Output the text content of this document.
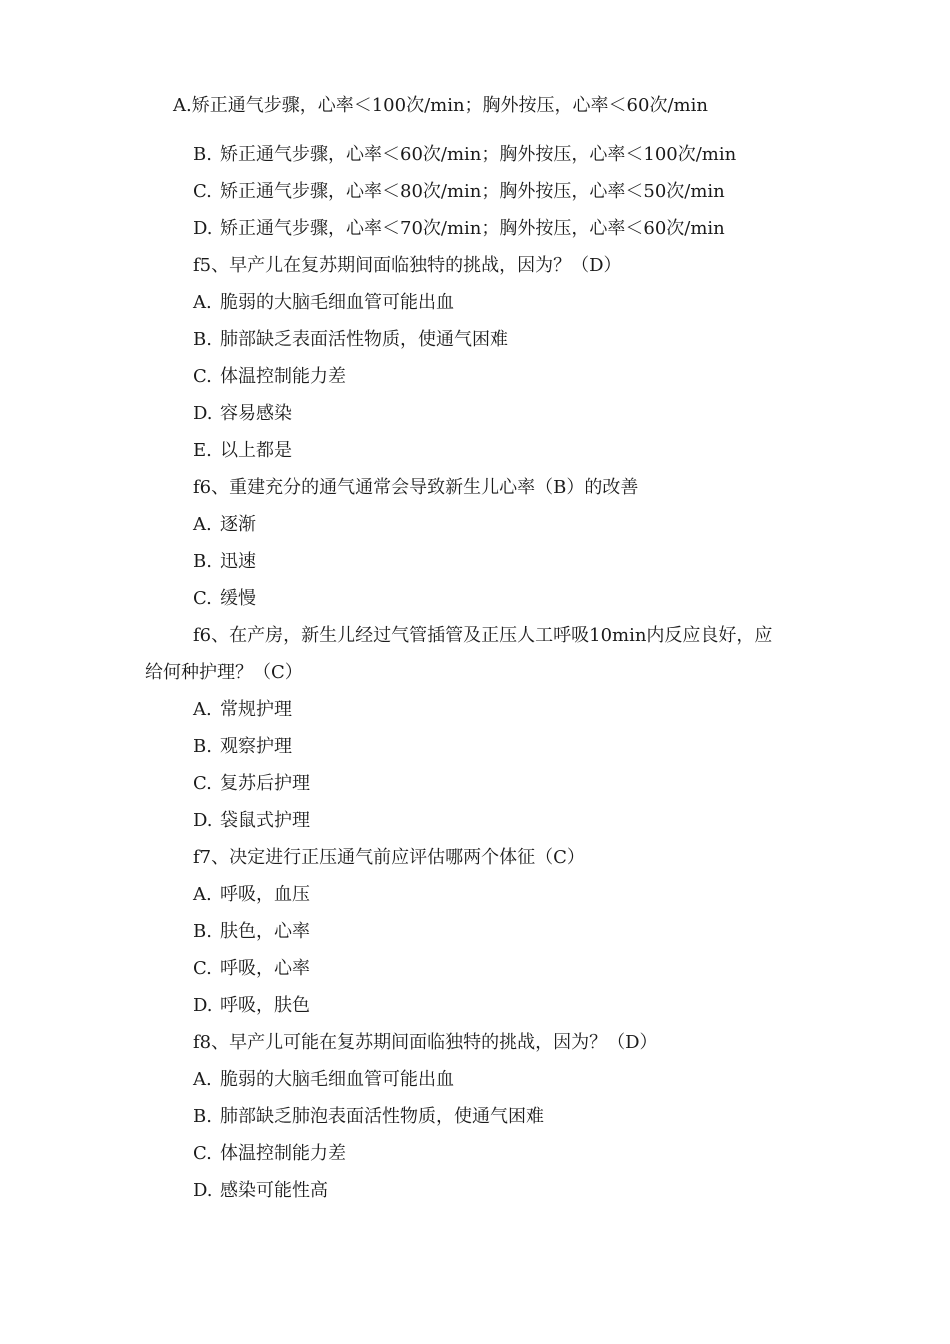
A.矫正通气步骤，心率＜100次/min；胸外按压，心率＜60次/min
B. 矫正通气步骤，心率＜60次/min；胸外按压，心率＜100次/min
C. 矫正通气步骤，心率＜80次/min；胸外按压，心率＜50次/min
D. 矫正通气步骤，心率＜70次/min；胸外按压，心率＜60次/min
f5、早产儿在复苏期间面临独特的挑战，因为？（D）
A. 脆弱的大脑毛细血管可能出血
B. 肺部缺乏表面活性物质，使通气困难
C. 体温控制能力差
D. 容易感染
E. 以上都是
f6、重建充分的通气通常会导致新生儿心率（B）的改善
A. 逐渐
B. 迅速
C. 缓慢
f6、在产房，新生儿经过气管插管及正压人工呼吸10min内反应良好，应
给何种护理？（C）
A. 常规护理
B. 观察护理
C. 复苏后护理
D. 袋鼠式护理
f7、决定进行正压通气前应评估哪两个体征（C）
A. 呼吸，血压
B. 肤色，心率
C. 呼吸，心率
D. 呼吸，肤色
f8、早产儿可能在复苏期间面临独特的挑战，因为？（D）
A. 脆弱的大脑毛细血管可能出血
B. 肺部缺乏肺泡表面活性物质，使通气困难
C. 体温控制能力差
D. 感染可能性高
